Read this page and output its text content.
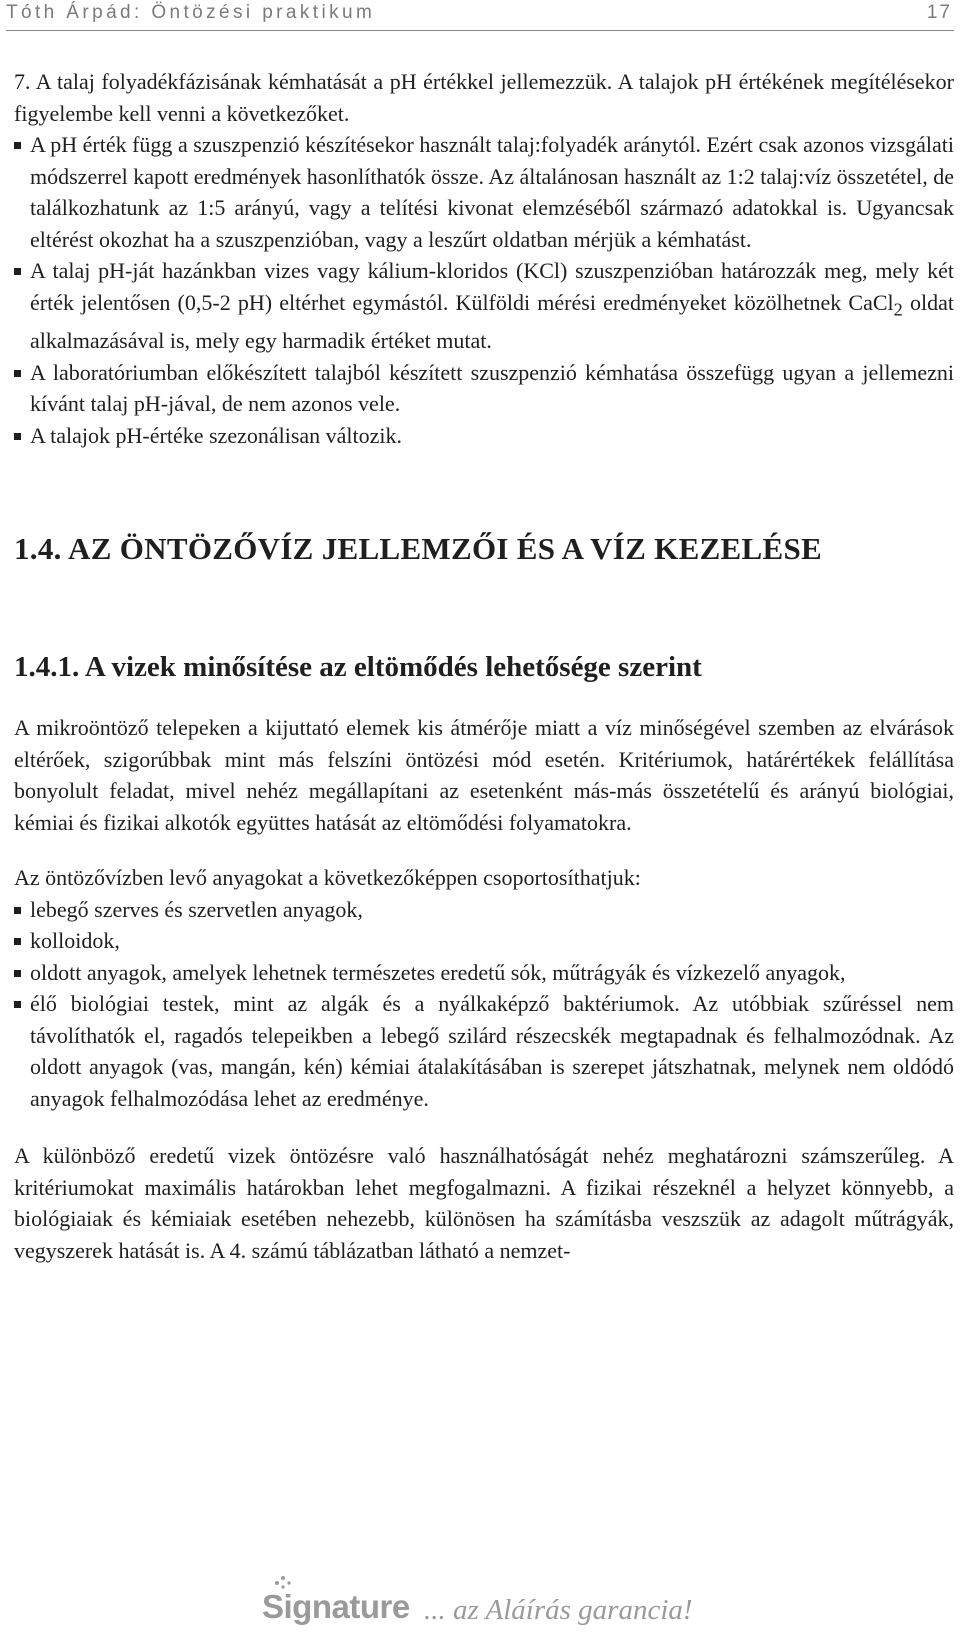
Tóth Árpád: Öntözési praktikum	17

7. A talaj folyadékfázisának kémhatását a pH értékkel jellemezzük. A talajok pH értékének megítélésekor figyelembe kell venni a következőket.

A pH érték függ a szuszpenzió készítésekor használt talaj:folyadék aránytól. Ezért csak azonos vizsgálati módszerrel kapott eredmények hasonlíthatók össze. Az általánosan használt az 1:2 talaj:víz összetétel, de találkozhatunk az 1:5 arányú, vagy a telítési kivonat elemzéséből származó adatokkal is. Ugyancsak eltérést okozhat ha a szuszpenzióban, vagy a leszűrt oldatban mérjük a kémhatást.
A talaj pH-ját hazánkban vizes vagy kálium-kloridos (KCl) szuszpenzióban határozzák meg, mely két érték jelentősen (0,5-2 pH) eltérhet egymástól. Külföldi mérési eredményeket közölhetnek CaCl$_2$ oldat alkalmazásával is, mely egy harmadik értéket mutat.
A laboratóriumban előkészített talajból készített szuszpenzió kémhatása összefügg ugyan a jellemezni kívánt talaj pH-jával, de nem azonos vele.
A talajok pH-értéke szezonálisan változik.
1.4. AZ ÖNTÖZŐVÍZ JELLEMZŐI ÉS A VÍZ KEZELÉSE
1.4.1. A vizek minősítése az eltömődés lehetősége szerint

A mikroöntöző telepeken a kijuttató elemek kis átmérője miatt a víz minőségével szemben az elvárások eltérőek, szigorúbbak mint más felszíni öntözési mód esetén. Kritériumok, határértékek felállítása bonyolult feladat, mivel nehéz megállapítani az esetenként más-más összetételű és arányú biológiai, kémiai és fizikai alkotók együttes hatását az eltömődési folyamatokra.

Az öntözővízben levő anyagokat a következőképpen csoportosíthatjuk:

lebegő szerves és szervetlen anyagok,
kolloidok,
oldott anyagok, amelyek lehetnek természetes eredetű sók, műtrágyák és vízkezelő anyagok,
élő biológiai testek, mint az algák és a nyálkaképző baktériumok. Az utóbbiak szűréssel nem távolíthatók el, ragadós telepeikben a lebegő szilárd részecskék megtapadnak és felhalmozódnak. Az oldott anyagok (vas, mangán, kén) kémiai átalakításában is szerepet játszhatnak, melynek nem oldódó anyagok felhalmozódása lehet az eredménye.

A különböző eredetű vizek öntözésre való használhatóságát nehéz meghatározni számszerűleg. A kritériumokat maximális határokban lehet megfogalmazni. A fizikai részeknél a helyzet könnyebb, a biológiaiak és kémiaiak esetében nehezebb, különösen ha számításba veszszük az adagolt műtrágyák, vegyszerek hatását is. A 4. számú táblázatban látható a nemzet-

Signature ... az Aláírás garancia!
